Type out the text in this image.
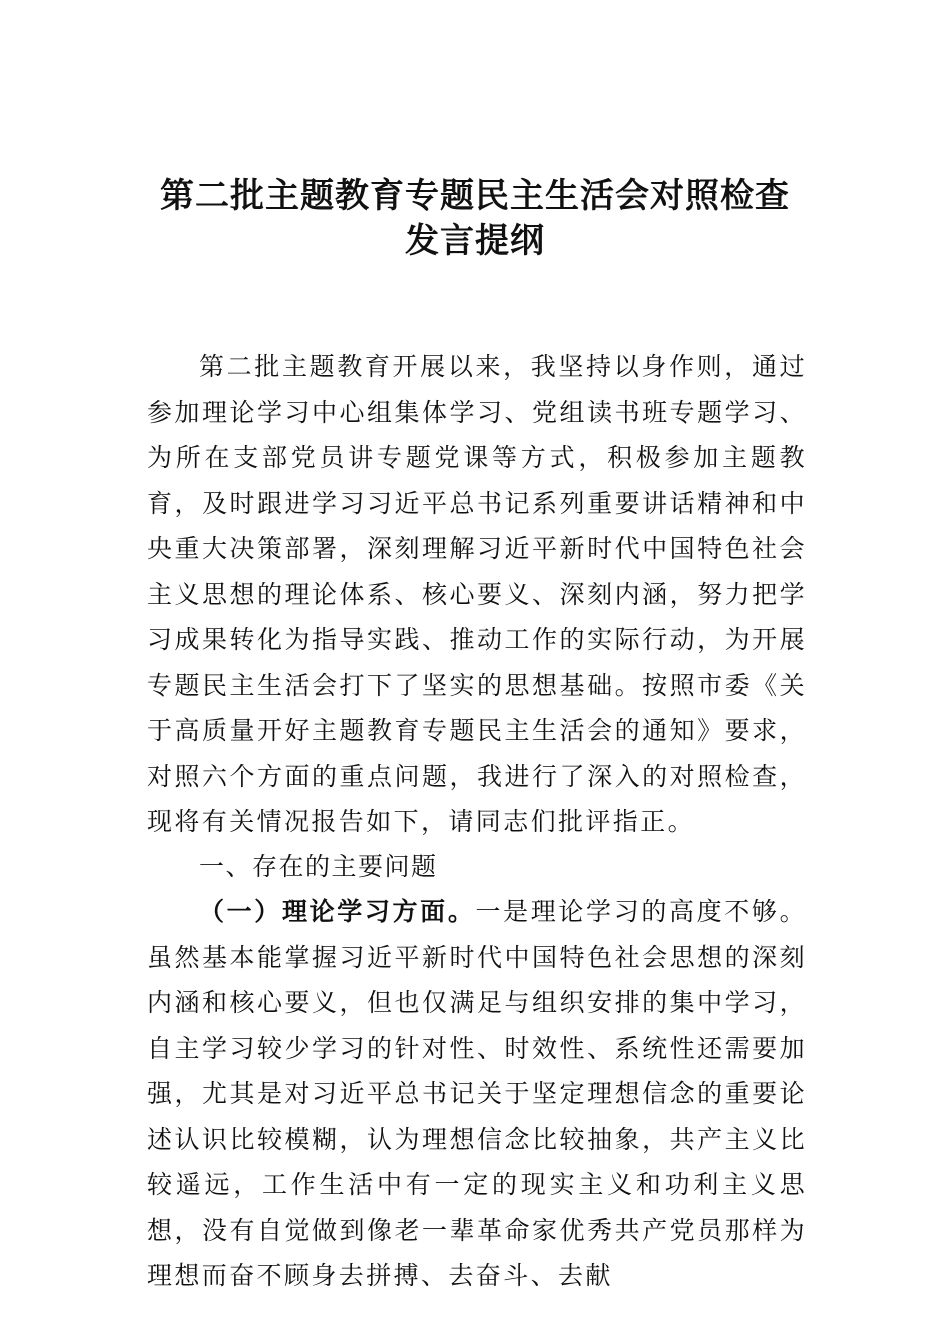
第二批主题教育专题民主生活会对照检查
发言提纲
第二批主题教育开展以来，我坚持以身作则，通过参加理论学习中心组集体学习、党组读书班专题学习、为所在支部党员讲专题党课等方式，积极参加主题教育，及时跟进学习习近平总书记系列重要讲话精神和中央重大决策部署，深刻理解习近平新时代中国特色社会主义思想的理论体系、核心要义、深刻内涵，努力把学习成果转化为指导实践、推动工作的实际行动，为开展专题民主生活会打下了坚实的思想基础。按照市委《关于高质量开好主题教育专题民主生活会的通知》要求，对照六个方面的重点问题，我进行了深入的对照检查，现将有关情况报告如下，请同志们批评指正。
一、存在的主要问题
（一）理论学习方面。一是理论学习的高度不够。虽然基本能掌握习近平新时代中国特色社会思想的深刻内涵和核心要义，但也仅满足与组织安排的集中学习，自主学习较少学习的针对性、时效性、系统性还需要加强，尤其是对习近平总书记关于坚定理想信念的重要论述认识比较模糊，认为理想信念比较抽象，共产主义比较遥远，工作生活中有一定的现实主义和功利主义思想，没有自觉做到像老一辈革命家优秀共产党员那样为理想而奋不顾身去拼搏、去奋斗、去献
